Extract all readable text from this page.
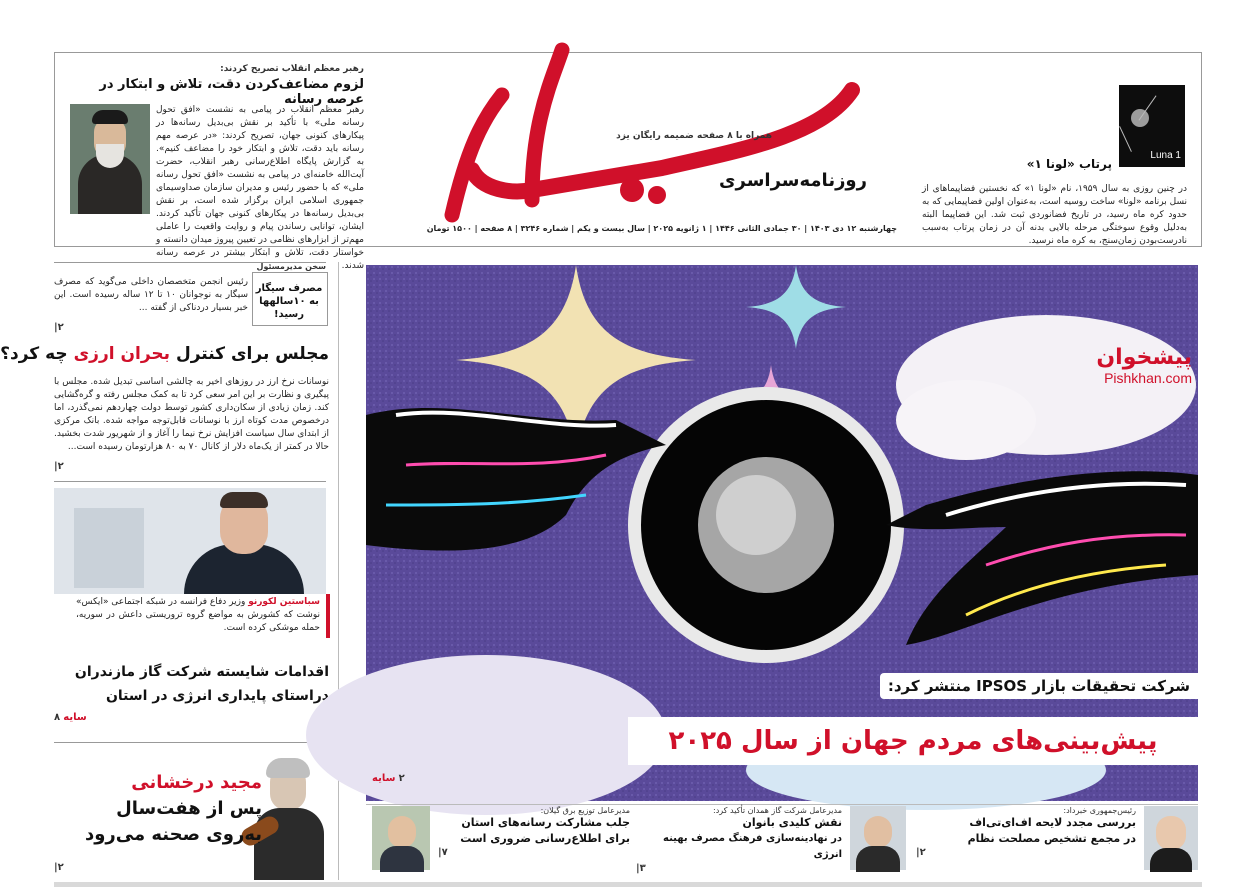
رهبر معظم انقلاب تصریح کردند:
لزوم مضاعف‌کردن دقت، تلاش و ابتکار در عرصه رسانه
رهبر معظم انقلاب در پیامی به نشست «افق تحول رسانه ملی» با تأکید بر نقش بی‌بدیل رسانه‌ها در پیکارهای کنونی جهان، تصریح کردند: «در عرصه مهم رسانه باید دقت، تلاش و ابتکار خود را مضاعف کنیم». به گزارش پایگاه اطلاع‌رسانی رهبر انقلاب، حضرت آیت‌الله خامنه‌ای در پیامی به نشست «افق تحول رسانه ملی» که با حضور رئیس و مدیران سازمان صداوسیمای جمهوری اسلامی ایران برگزار شده است، بر نقش بی‌بدیل رسانه‌ها در پیکارهای کنونی جهان تأکید کردند. ایشان، توانایی رساندن پیام و روایت واقعیت را عاملی مهم‌تر از ابزارهای نظامی در تعیین پیروز میدان دانسته و خواستار دقت، تلاش و ابتکار بیشتر در عرصه رسانه شدند.
روزنامه‌سراسری
همراه با ۸ صفحه ضمیمه رایگان یزد
چهارشنبه ۱۲ دی ۱۴۰۳ | ۳۰ جمادی الثانی ۱۴۴۶ | ۱ ژانویه ۲۰۲۵ | سال بیست و یکم | شماره ۳۲۴۶ | ۸ صفحه | ۱۵۰۰ تومان
Luna 1
پرتاب «لونا ۱»
در چنین روزی به سال ۱۹۵۹، نام «لونا ۱» که نخستین فضاپیماهای از نسل برنامه «لونا» ساخت روسیه است، به‌عنوان اولین فضاپیمایی که به حدود کره ماه رسید، در تاریخ فضانوردی ثبت شد. این فضاپیما البته به‌دلیل وقوع سوختگی مرحله بالایی بدنه آن در زمان پرتاب به‌سبب نادرست‌بودن زمان‌سنج، به کره ماه نرسید.
سخن مدیرمسئول
مصرف سیگار
به ۱۰سالهها رسید!
رئیس انجمن متخصصان داخلی می‌گوید که مصرف سیگار به نوجوانان ۱۰ تا ۱۲ ساله رسیده است. این خبر بسیار دردناکی از گفته ...
|۲
مجلس برای کنترل بحران ارزی چه کرد؟
نوسانات نرخ ارز در روزهای اخیر به چالشی اساسی تبدیل شده. مجلس با پیگیری و نظارت بر این امر سعی کرد تا به کمک مجلس رفته و گره‌گشایی کند. زمان زیادی از سکان‌داری کشور توسط دولت چهاردهم نمی‌گذرد، اما درخصوص مدت کوتاه ارز با نوسانات قابل‌توجه مواجه شده. بانک مرکزی از ابتدای سال سیاست افزایش نرخ نیما را آغاز و از شهریور شدت بخشید. حالا در کمتر از یک‌ماه دلار از کانال ۷۰ به ۸۰ هزارتومان رسیده است...
|۲
سباستین لکورنو وزیر دفاع فرانسه در شبکه اجتماعی «ایکس» نوشت که کشورش به مواضع گروه تروریستی داعش در سوریه، حمله موشکی کرده است.
اقدامات شایسته شرکت گاز مازندران
دراستای پایداری انرژی در استان
سایه ۸
مجید درخشانی
پس از هفت‌سال
به‌روی صحنه می‌رود
|۲
پیشخوان
Pishkhan.com
شرکت تحقیقات بازار IPSOS منتشر کرد:
پیش‌بینی‌های مردم جهان از سال ۲۰۲۵
۲ سایه
رئیس‌جمهوری خبرداد:
بررسی مجدد لایحه اف‌ای‌تی‌اف
در مجمع تشخیص مصلحت نظام
|۲
مدیرعامل شرکت گاز همدان تأکید کرد:
نقش کلیدی بانوان
در نهادینه‌سازی فرهنگ مصرف بهینه انرژی
|۳
مدیرعامل توزیع برق گیلان:
جلب مشارکت رسانه‌های استان
برای اطلاع‌رسانی ضروری است
|۷
